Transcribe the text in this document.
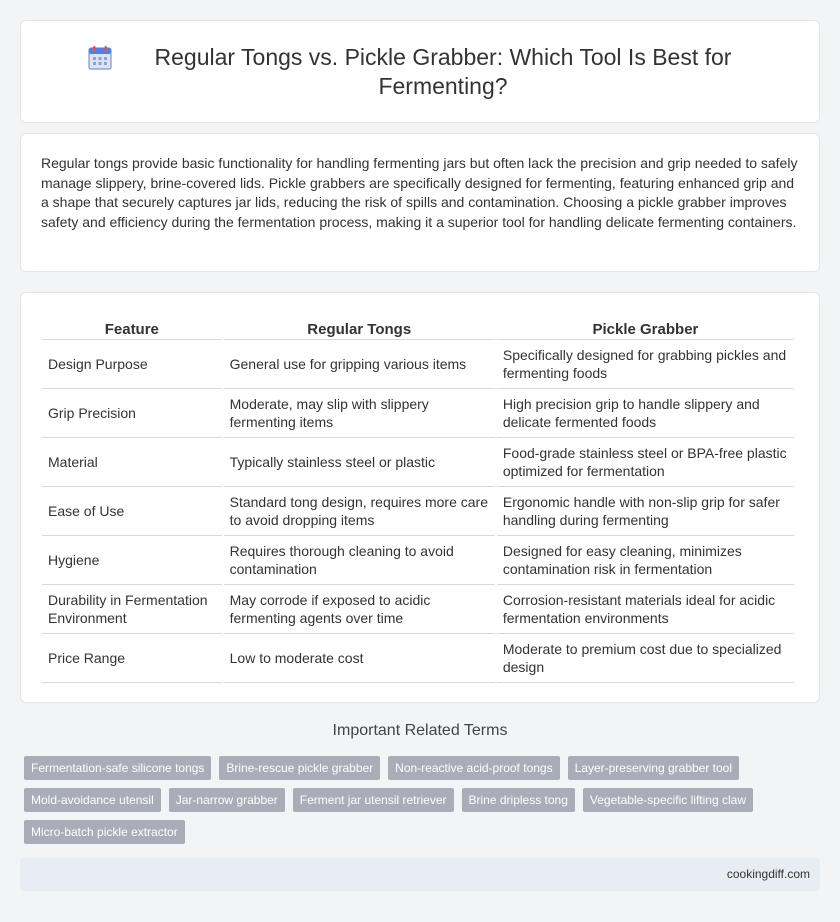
Regular Tongs vs. Pickle Grabber: Which Tool Is Best for Fermenting?

Regular tongs provide basic functionality for handling fermenting jars but often lack the precision and grip needed to safely manage slippery, brine-covered lids. Pickle grabbers are specifically designed for fermenting, featuring enhanced grip and a shape that securely captures jar lids, reducing the risk of spills and contamination. Choosing a pickle grabber improves safety and efficiency during the fermentation process, making it a superior tool for handling delicate fermenting containers.

Feature	Regular Tongs	Pickle Grabber
Design Purpose	General use for gripping various items	Specifically designed for grabbing pickles and fermenting foods
Grip Precision	Moderate, may slip with slippery fermenting items	High precision grip to handle slippery and delicate fermented foods
Material	Typically stainless steel or plastic	Food-grade stainless steel or BPA-free plastic optimized for fermentation
Ease of Use	Standard tong design, requires more care to avoid dropping items	Ergonomic handle with non-slip grip for safer handling during fermenting
Hygiene	Requires thorough cleaning to avoid contamination	Designed for easy cleaning, minimizes contamination risk in fermentation
Durability in Fermentation Environment	May corrode if exposed to acidic fermenting agents over time	Corrosion-resistant materials ideal for acidic fermentation environments
Price Range	Low to moderate cost	Moderate to premium cost due to specialized design
Important Related Terms
Fermentation-safe silicone tongs	Brine-rescue pickle grabber	Non-reactive acid-proof tongs	Layer-preserving grabber tool
Mold-avoidance utensil	Jar-narrow grabber	Ferment jar utensil retriever	Brine dripless tong	Vegetable-specific lifting claw
Micro-batch pickle extractor
cookingdiff.com
